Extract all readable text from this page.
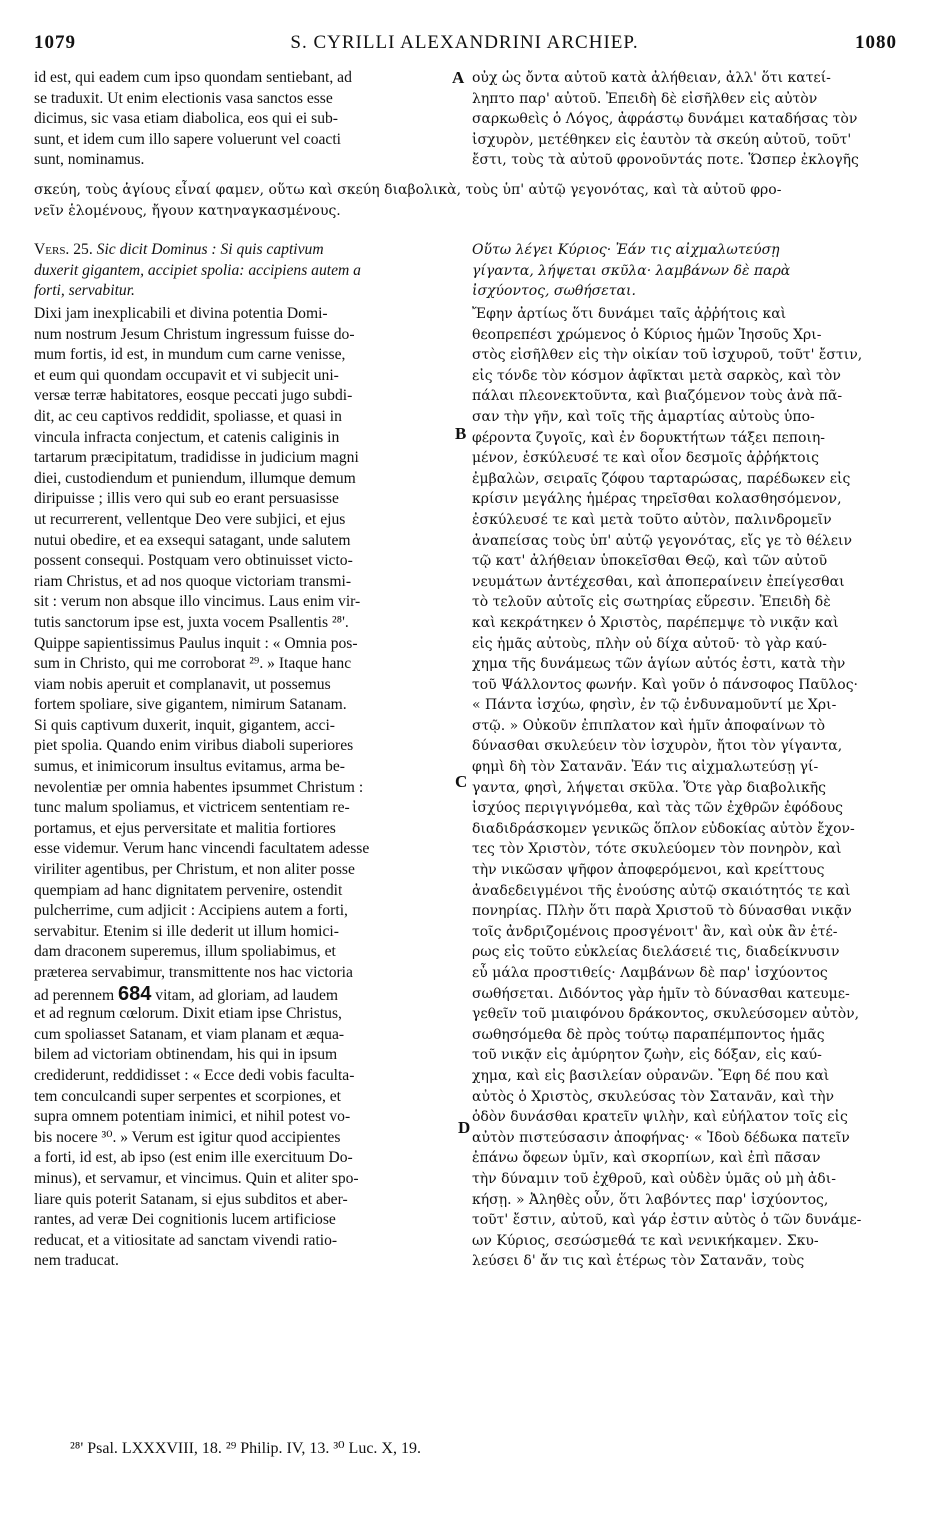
1079	S. CYRILLI ALEXANDRINI ARCHIEP.	1080
A
B
C
D
id est, qui eadem cum ipso quondam sentiebant, ad
se traduxit. Ut enim electionis vasa sanctos esse
dicimus, sic vasa etiam diabolica, eos qui ei sub-
sunt, et idem cum illo sapere voluerunt vel coacti
sunt, nominamus.
οὐχ ὡς ὄντα αὐτοῦ κατὰ ἀλήθειαν, ἀλλ' ὅτι κατεί-
ληπτο παρ' αὐτοῦ. Ἐπειδὴ δὲ εἰσῆλθεν εἰς αὐτὸν
σαρκωθεὶς ὁ Λόγος, ἀφράστῳ δυνάμει καταδήσας τὸν
ἰσχυρὸν, μετέθηκεν εἰς ἑαυτὸν τὰ σκεύη αὐτοῦ, τοῦτ'
ἔστι, τοὺς τὰ αὐτοῦ φρονοῦντάς ποτε. Ὥσπερ ἐκλογῆς
σκεύη, τοὺς ἁγίους εἶναί φαμεν, οὕτω καὶ σκεύη διαβολικὰ, τοὺς ὑπ' αὐτῷ γεγονότας, καὶ τὰ αὐτοῦ φρο-
νεῖν ἑλομένους, ἤγουν κατηναγκασμένους.
Vers. 25. Sic dicit Dominus : Si quis captivum
duxerit gigantem, accipiet spolia: accipiens autem a
forti, servabitur.
Οὕτω λέγει Κύριος· Ἐάν τις αἰχμαλωτεύσῃ
γίγαντα, λήψεται σκῦλα· λαμβάνων δὲ παρὰ
ἰσχύοντος, σωθήσεται.
Dixi jam inexplicabili et divina potentia Domi-
num nostrum Jesum Christum ingressum fuisse do-
mum fortis, id est, in mundum cum carne venisse,
et eum qui quondam occupavit et vi subjecit uni-
versæ terræ habitatores, eosque peccati jugo subdi-
dit, ac ceu captivos reddidit, spoliasse, et quasi in
vincula infracta conjectum, et catenis caliginis in
tartarum præcipitatum, tradidisse in judicium magni
diei, custodiendum et puniendum, illumque demum
diripuisse ; illis vero qui sub eo erant persuasisse
ut recurrerent, vellentque Deo vere subjici, et ejus
nutui obedire, et ea exsequi satagant, unde salutem
possent consequi. Postquam vero obtinuisset victo-
riam Christus, et ad nos quoque victoriam transmi-
sit : verum non absque illo vincimus. Laus enim vir-
tutis sanctorum ipse est, juxta vocem Psallentis ²⁸'.
Quippe sapientissimus Paulus inquit : « Omnia pos-
sum in Christo, qui me corroborat ²⁹. » Itaque hanc
viam nobis aperuit et complanavit, ut possemus
fortem spoliare, sive gigantem, nimirum Satanam.
Si quis captivum duxerit, inquit, gigantem, acci-
piet spolia. Quando enim viribus diaboli superiores
sumus, et inimicorum insultus evitamus, arma be-
nevolentiæ per omnia habentes ipsummet Christum :
tunc malum spoliamus, et victricem sententiam re-
portamus, et ejus perversitate et malitia fortiores
esse videmur. Verum hanc vincendi facultatem adesse
viriliter agentibus, per Christum, et non aliter posse
quempiam ad hanc dignitatem pervenire, ostendit
pulcherrime, cum adjicit : Accipiens autem a forti,
servabitur. Etenim si ille dederit ut illum homici-
dam draconem superemus, illum spoliabimus, et
prætereа servabimur, transmittente nos hac victoria
ad perennem 684 vitam, ad gloriam, ad laudem
et ad regnum cœlorum. Dixit etiam ipse Christus,
cum spoliasset Satanam, et viam planam et æqua-
bilem ad victoriam obtinendam, his qui in ipsum
crediderunt, reddidisset : « Ecce dedi vobis faculta-
tem conculcandi super serpentes et scorpiones, et
supra omnem potentiam inimici, et nihil potest vo-
bis nocere ³⁰. » Verum est igitur quod accipientes
a forti, id est, ab ipso (est enim ille exercituum Do-
minus), et servamur, et vincimus. Quin et aliter spo-
liare quis poterit Satanam, si ejus subditos et aber-
rantes, ad veræ Dei cognitionis lucem artificiose
reducat, et a vitiositate ad sanctam vivendi ratio-
nem traducat.
Ἔφην ἀρτίως ὅτι δυνάμει ταῖς ἀῤῥήτοις καὶ
θεοπρεπέσι χρώμενος ὁ Κύριος ἡμῶν Ἰησοῦς Χρι-
στὸς εἰσῆλθεν εἰς τὴν οἰκίαν τοῦ ἰσχυροῦ, τοῦτ' ἔστιν,
εἰς τόνδε τὸν κόσμον ἀφῖκται μετὰ σαρκὸς, καὶ τὸν
πάλαι πλεονεκτοῦντα, καὶ βιαζόμενον τοὺς ἀνὰ πᾶ-
σαν τὴν γῆν, καὶ τοῖς τῆς ἁμαρτίας αὐτοὺς ὑπο-
φέροντα ζυγοῖς, καὶ ἐν δορυκτήτων τάξει πεποιη-
μένον, ἐσκύλευσέ τε καὶ οἷον δεσμοῖς ἀῤῥήκτοις
ἐμβαλὼν, σειραῖς ζόφου ταρταρώσας, παρέδωκεν εἰς
κρίσιν μεγάλης ἡμέρας τηρεῖσθαι κολασθησόμενον,
ἐσκύλευσέ τε καὶ μετὰ τοῦτο αὐτὸν, παλινδρομεῖν
ἀναπείσας τοὺς ὑπ' αὐτῷ γεγονότας, εἴς γε τὸ θέλειν
τῷ κατ' ἀλήθειαν ὑποκεῖσθαι Θεῷ, καὶ τῶν αὐτοῦ
νευμάτων ἀντέχεσθαι, καὶ ἀποπεραίνειν ἐπείγεσθαι
τὸ τελοῦν αὐτοῖς εἰς σωτηρίας εὕρεσιν. Ἐπειδὴ δὲ
καὶ κεκράτηκεν ὁ Χριστὸς, παρέπεμψε τὸ νικᾷν καὶ
εἰς ἡμᾶς αὐτοὺς, πλὴν οὐ δίχα αὐτοῦ· τὸ γὰρ καύ-
χημα τῆς δυνάμεως τῶν ἁγίων αὐτός ἐστι, κατὰ τὴν
τοῦ Ψάλλοντος φωνήν. Καὶ γοῦν ὁ πάνσοφος Παῦλος·
« Πάντα ἰσχύω, φησὶν, ἐν τῷ ἐνδυναμοῦντί με Χρι-
στῷ. » Οὐκοῦν ἐπιπλατον καὶ ἡμῖν ἀποφαίνων τὸ
δύνασθαι σκυλεύειν τὸν ἰσχυρὸν, ἤτοι τὸν γίγαντα,
φημὶ δὴ τὸν Σατανᾶν. Ἐάν τις αἰχμαλωτεύσῃ γί-
γαντα, φησὶ, λήψεται σκῦλα. Ὅτε γὰρ διαβολικῆς
ἰσχύος περιγιγνόμεθα, καὶ τὰς τῶν ἐχθρῶν ἐφόδους
διαδιδράσκομεν γενικῶς ὅπλον εὐδοκίας αὐτὸν ἔχον-
τες τὸν Χριστὸν, τότε σκυλεύομεν τὸν πονηρὸν, καὶ
τὴν νικῶσαν ψῆφον ἀποφερόμενοι, καὶ κρείττους
ἀναδεδειγμένοι τῆς ἐνούσης αὐτῷ σκαιότητός τε καὶ
πονηρίας. Πλὴν ὅτι παρὰ Χριστοῦ τὸ δύνασθαι νικᾷν
τοῖς ἀνδριζομένοις προσγένοιτ' ἂν, καὶ οὐκ ἂν ἑτέ-
ρως εἰς τοῦτο εὐκλείας διελάσειέ τις, διαδείκνυσιν
εὖ μάλα προστιθείς· Λαμβάνων δὲ παρ' ἰσχύοντος
σωθήσεται. Διδόντος γὰρ ἡμῖν τὸ δύνασθαι κατευμε-
γεθεῖν τοῦ μιαιφόνου δράκοντος, σκυλεύσομεν αὐτὸν,
σωθησόμεθα δὲ πρὸς τούτῳ παραπέμποντος ἡμᾶς
τοῦ νικᾷν εἰς ἀμύρητον ζωὴν, εἰς δόξαν, εἰς καύ-
χημα, καὶ εἰς βασιλείαν οὐρανῶν. Ἔφη δέ που καὶ
αὐτὸς ὁ Χριστὸς, σκυλεύσας τὸν Σατανᾶν, καὶ τὴν
ὁδὸν δυνάσθαι κρατεῖν ψιλὴν, καὶ εὐήλατον τοῖς εἰς
αὐτὸν πιστεύσασιν ἀποφήνας· « Ἰδοὺ δέδωκα πατεῖν
ἐπάνω ὄφεων ὑμῖν, καὶ σκορπίων, καὶ ἐπὶ πᾶσαν
τὴν δύναμιν τοῦ ἐχθροῦ, καὶ οὐδὲν ὑμᾶς οὐ μὴ ἀδι-
κήσῃ. » Ἀληθὲς οὖν, ὅτι λαβόντες παρ' ἰσχύοντος,
τοῦτ' ἔστιν, αὐτοῦ, καὶ γάρ ἐστιν αὐτὸς ὁ τῶν δυνάμε-
ων Κύριος, σεσώσμεθά τε καὶ νενικήκαμεν. Σκυ-
λεύσει δ' ἄν τις καὶ ἑτέρως τὸν Σατανᾶν, τοὺς
²⁸' Psal. LXXXVIII, 18. ²⁹ Philip. IV, 13. ³⁰ Luc. X, 19.
